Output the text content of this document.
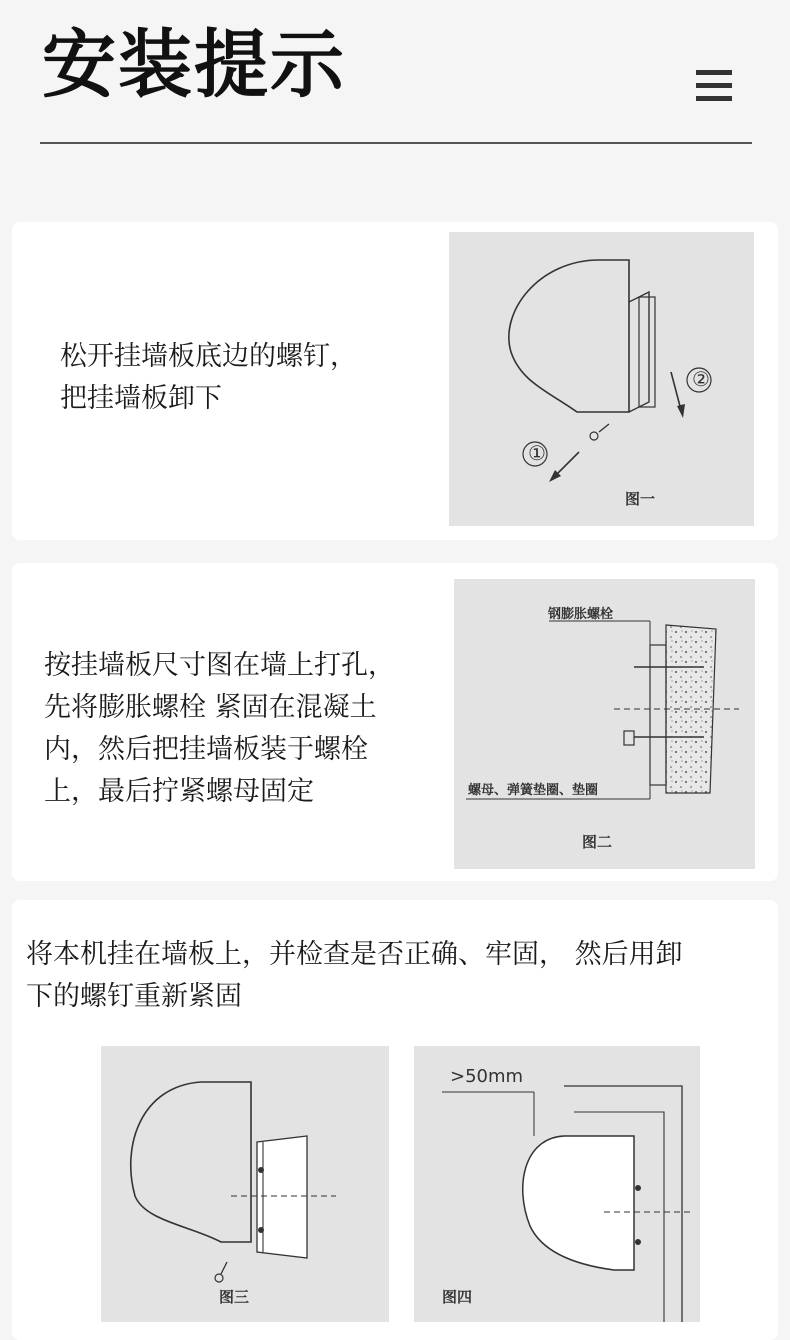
安装提示
松开挂墙板底边的螺钉，
把挂墙板卸下
①
②
图一
按挂墙板尺寸图在墙上打孔，
先将膨胀螺栓 紧固在混凝土
内，然后把挂墙板装于螺栓
上，最后拧紧螺母固定
钢膨胀螺栓
螺母、弹簧垫圈、垫圈
图二
将本机挂在墙板上，并检查是否正确、牢固， 然后用卸
下的螺钉重新紧固
图三
>50mm
图四
